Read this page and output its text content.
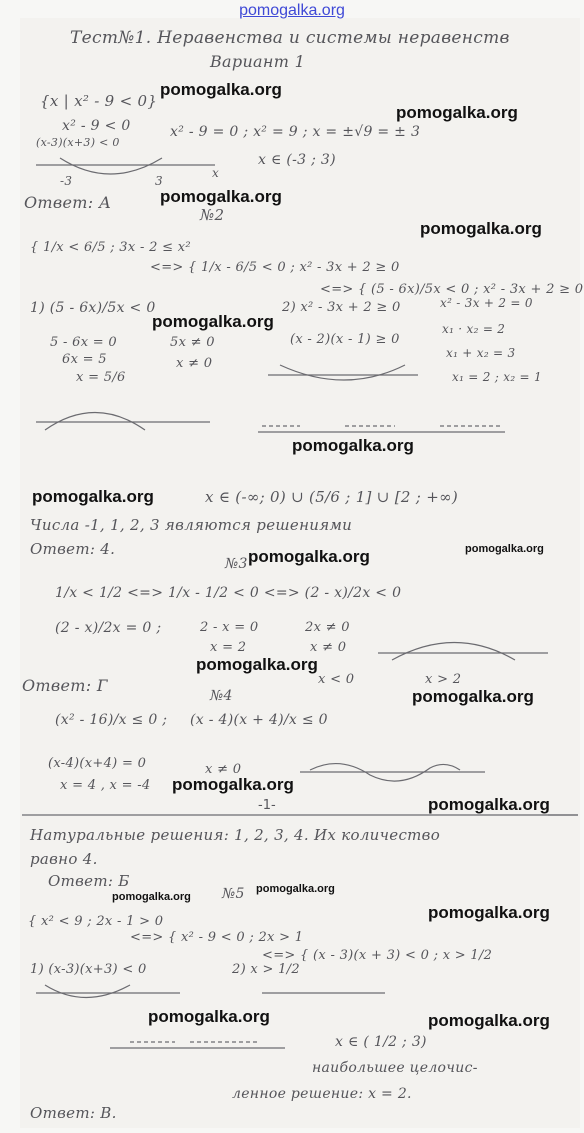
pomogalka.org
Тест№1. Неравенства и системы неравенств
Вариант 1
{x | x² - 9 < 0}
x² - 9 < 0
(x-3)(x+3) < 0
x² - 9 = 0 ; x² = 9 ; x = ±√9 = ± 3
x ∈ (-3 ; 3)
-3	3
x
Ответ: А
№2
{ 1/x < 6/5 ; 3x - 2 ≤ x²
<=> { 1/x - 6/5 < 0 ; x² - 3x + 2 ≥ 0
<=> { (5 - 6x)/5x < 0 ; x² - 3x + 2 ≥ 0
1) (5 - 6x)/5x < 0
5 - 6x = 0
6x = 5
x = 5/6
5x ≠ 0
x ≠ 0
2) x² - 3x + 2 ≥ 0
(x - 2)(x - 1) ≥ 0
x² - 3x + 2 = 0
x₁ · x₂ = 2
x₁ + x₂ = 3
x₁ = 2 ; x₂ = 1
x ∈ (-∞; 0) ∪ (5/6 ; 1] ∪ [2 ; +∞)
Числа -1, 1, 2, 3 являются решениями
Ответ: 4.
№3
1/x < 1/2 <=> 1/x - 1/2 < 0 <=> (2 - x)/2x < 0
(2 - x)/2x = 0 ;	2 - x = 0
x = 2
2x ≠ 0
x ≠ 0
x < 0	x > 2
Ответ: Г
№4
(x² - 16)/x ≤ 0 ; (x - 4)(x + 4)/x ≤ 0
(x-4)(x+4) = 0	x ≠ 0
x = 4 , x = -4
-1-
Натуральные решения: 1, 2, 3, 4. Их количество
равно 4.
Ответ: Б
№5
{ x² < 9 ; 2x - 1 > 0
<=> { x² - 9 < 0 ; 2x > 1
<=> { (x - 3)(x + 3) < 0 ; x > 1/2
1) (x-3)(x+3) < 0	2) x > 1/2
x ∈ ( 1/2 ; 3)
наибольшее целочис-
ленное решение: x = 2.
Ответ: В.
pomogalka.org
pomogalka.org
pomogalka.org
pomogalka.org
pomogalka.org
pomogalka.org
pomogalka.org
pomogalka.org	pomogalka.org
pomogalka.org
pomogalka.org
pomogalka.org
pomogalka.org
pomogalka.org
pomogalka.org
pomogalka.org
pomogalka.org	pomogalka.org
